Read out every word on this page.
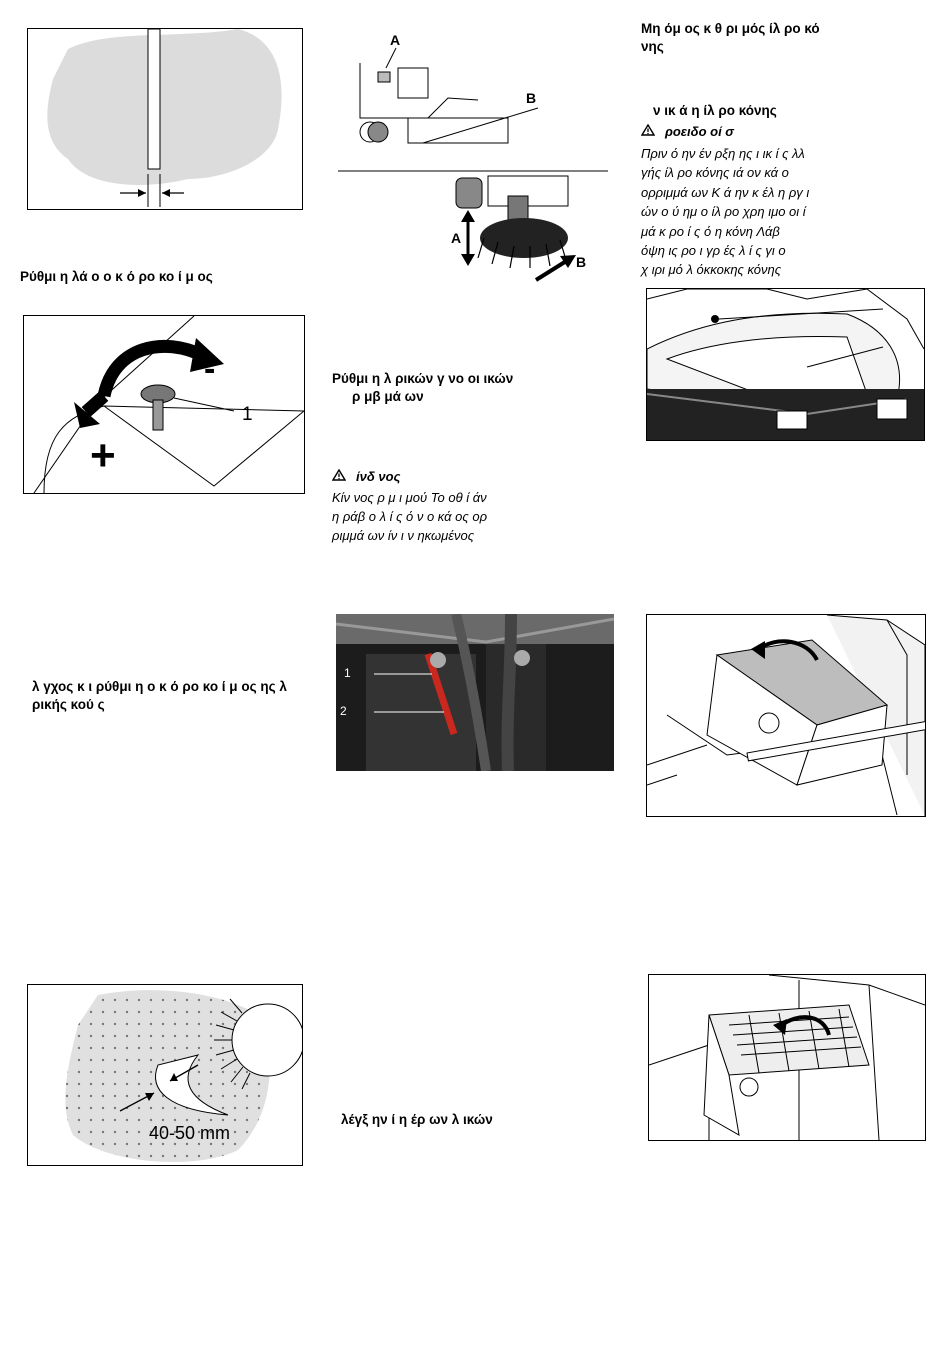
Ρύθμι η λά ο ο κ ό ρο κο ί μ ος
1
-
+
λ γχος κ ι ρύθμι η ο κ ό ρο κο ί μ ος ης λ ρικής κού ς
40-50 mm
A
B
A
B
Ρύθμι η λ ρικών γ νο οι ικών
ρ μβ μά ων
ίνδ νος
Κίν νος ρ μ ι μού Το οθ ί άν
η ράβ ο λ ί ς ό ν ο κά ος ορ
ριμμά ων ίν ι ν ηκωμένος
1
2
λέγξ ην ί η έρ ων λ ικών
Μη όμ ος κ θ ρι μός ίλ ρο κό
νης
ν ικ ά η ίλ ρο κόνης
ροειδο οί σ
Πριν ό ην έν ρξη ης ι ικ ί ς λλ
γής ίλ ρο κόνης ιά ον κά ο
ορριμμά ων Κ ά ην κ έλ η ργ ι
ών ο ύ ημ ο ίλ ρο χρη ιμο οι ί
μά κ ρο ί ς ό η κόνη Λάβ
όψη ις ρο ι γρ ές λ ί ς γι ο
χ ιρι μό λ όκκοκης κόνης
